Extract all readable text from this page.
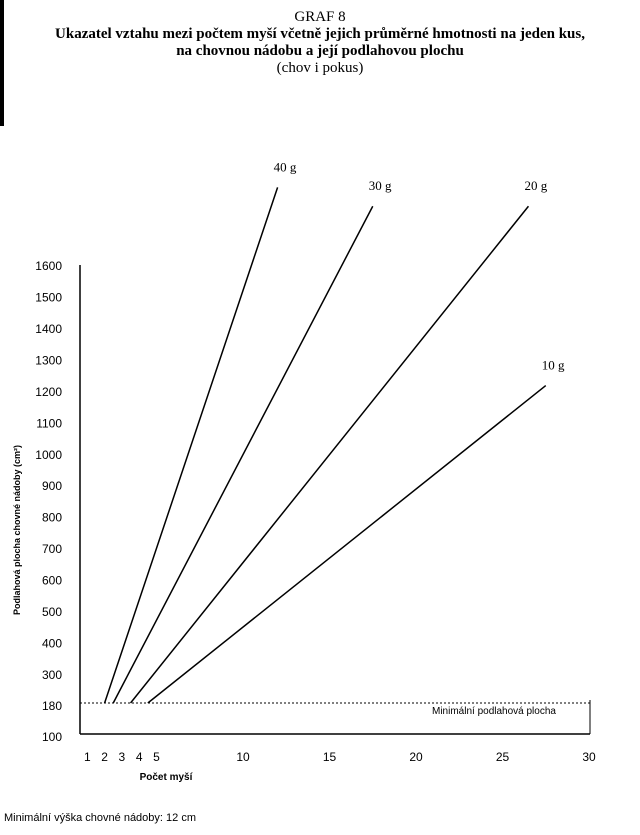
GRAF 8
Ukazatel vztahu mezi počtem myší včetně jejich průměrné hmotnosti na jeden kus,
na chovnou nádobu a její podlahovou plochu
(chov i pokus)
100
180
300
400
500
600
700
800
900
1000
1100
1200
1300
1400
1500
1600
1 2 3 4 5	10	15	20	25	30
Minimální podlahová plocha
40 g
30 g	20 g
10 g
Podlahová plocha chovné nádoby (cm²)
Počet myší
Minimální výška chovné nádoby: 12 cm
